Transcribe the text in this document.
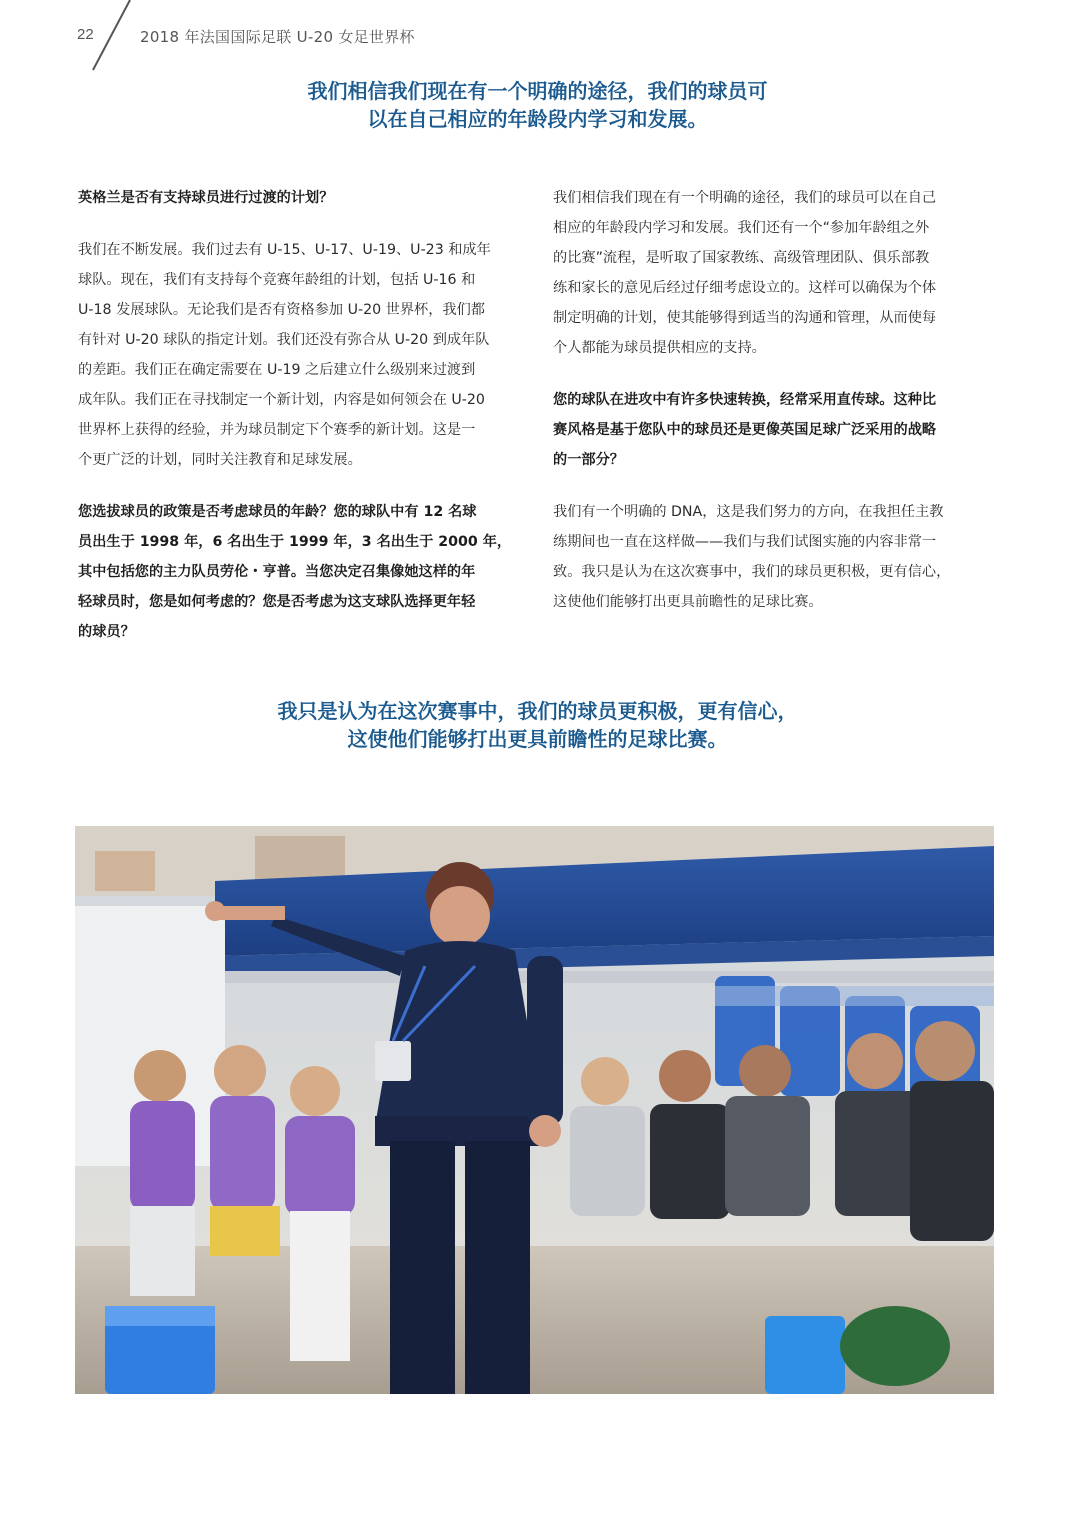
22	2018 年法国国际足联 U-20 女足世界杯
我们相信我们现在有一个明确的途径，我们的球员可
以在自己相应的年龄段内学习和发展。

英格兰是否有支持球员进行过渡的计划？

我们在不断发展。我们过去有 U-15、U-17、U-19、U-23 和成年
球队。现在，我们有支持每个竞赛年龄组的计划，包括 U-16 和
U-18 发展球队。无论我们是否有资格参加 U-20 世界杯，我们都
有针对 U-20 球队的指定计划。我们还没有弥合从 U-20 到成年队
的差距。我们正在确定需要在 U-19 之后建立什么级别来过渡到
成年队。我们正在寻找制定一个新计划，内容是如何领会在 U-20
世界杯上获得的经验，并为球员制定下个赛季的新计划。这是一
个更广泛的计划，同时关注教育和足球发展。

您选拔球员的政策是否考虑球员的年龄？您的球队中有 12 名球
员出生于 1998 年，6 名出生于 1999 年，3 名出生于 2000 年，
其中包括您的主力队员劳伦・亨普。当您决定召集像她这样的年
轻球员时，您是如何考虑的？您是否考虑为这支球队选择更年轻
的球员？

我们相信我们现在有一个明确的途径，我们的球员可以在自己
相应的年龄段内学习和发展。我们还有一个“参加年龄组之外
的比赛”流程，是听取了国家教练、高级管理团队、俱乐部教
练和家长的意见后经过仔细考虑设立的。这样可以确保为个体
制定明确的计划，使其能够得到适当的沟通和管理，从而使每
个人都能为球员提供相应的支持。

您的球队在进攻中有许多快速转换，经常采用直传球。这种比
赛风格是基于您队中的球员还是更像英国足球广泛采用的战略
的一部分？

我们有一个明确的 DNA，这是我们努力的方向，在我担任主教
练期间也一直在这样做——我们与我们试图实施的内容非常一
致。我只是认为在这次赛事中，我们的球员更积极，更有信心，
这使他们能够打出更具前瞻性的足球比赛。

我只是认为在这次赛事中，我们的球员更积极，更有信心，
这使他们能够打出更具前瞻性的足球比赛。
